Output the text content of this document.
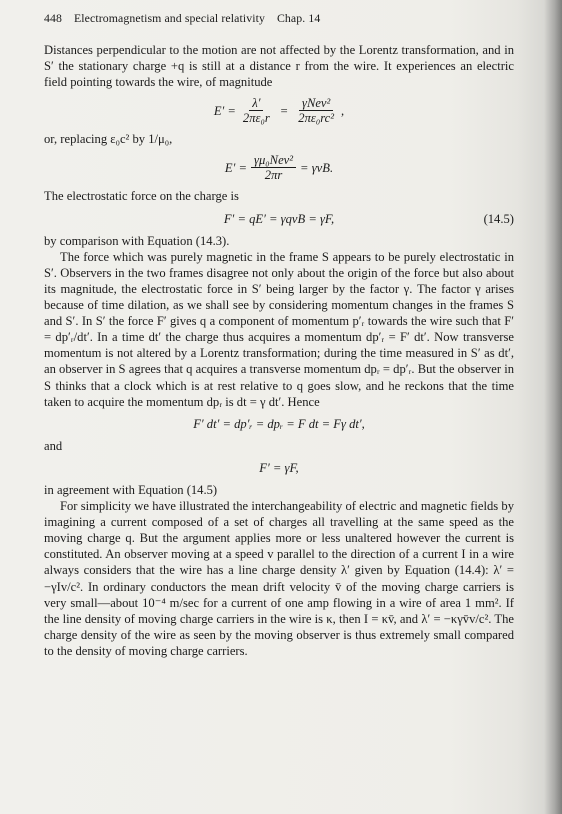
448 Electromagnetism and special relativity Chap. 14

Distances perpendicular to the motion are not affected by the Lorentz transformation, and in S′ the stationary charge +q is still at a distance r from the wire. It experiences an electric field pointing towards the wire, of magnitude

$E' = \frac{\lambda'}{\text{2πε₀r}} = \frac{\text{γNev²}}{\text{2πε₀rc²}}$ ,

or, replacing ε₀c² by 1/μ₀,

$E' = \frac{\text{γμ₀Nev²}}{2\pi r} = \gamma vB$.

The electrostatic force on the charge is

F′ = qE′ = γqvB = γF,	(14.5)

by comparison with Equation (14.3).

The force which was purely magnetic in the frame S appears to be purely electrostatic in S′. Observers in the two frames disagree not only about the origin of the force but also about its magnitude, the electrostatic force in S′ being larger by the factor γ. The factor γ arises because of time dilation, as we shall see by considering momentum changes in the frames S and S′. In S′ the force F′ gives q a component of momentum p′ᵣ towards the wire such that F′ = dp′ᵣ/dt′. In a time dt′ the charge thus acquires a momentum dp′ᵣ = F′ dt′. Now transverse momentum is not altered by a Lorentz transformation; during the time measured in S′ as dt′, an observer in S agrees that q acquires a transverse momentum dpᵣ = dp′ᵣ. But the observer in S thinks that a clock which is at rest relative to q goes slow, and he reckons that the time taken to acquire the momentum dpᵣ is dt = γ dt′. Hence

F′ dt′ = dp′ᵣ = dpᵣ = F dt = Fγ dt′,

and

F′ = γF,

in agreement with Equation (14.5)

For simplicity we have illustrated the interchangeability of electric and magnetic fields by imagining a current composed of a set of charges all travelling at the same speed as the moving charge q. But the argument applies more or less unaltered however the current is constituted. An observer moving at a speed v parallel to the direction of a current I in a wire always considers that the wire has a line charge density λ′ given by Equation (14.4): λ′ = −γIv/c². In ordinary conductors the mean drift velocity v̄ of the moving charge carriers is very small—about 10⁻⁴ m/sec for a current of one amp flowing in a wire of area 1 mm². If the line density of moving charge carriers in the wire is κ, then I = κv̄, and λ′ = −κγv̄v/c². The charge density of the wire as seen by the moving observer is thus extremely small compared to the density of moving charge carriers.
